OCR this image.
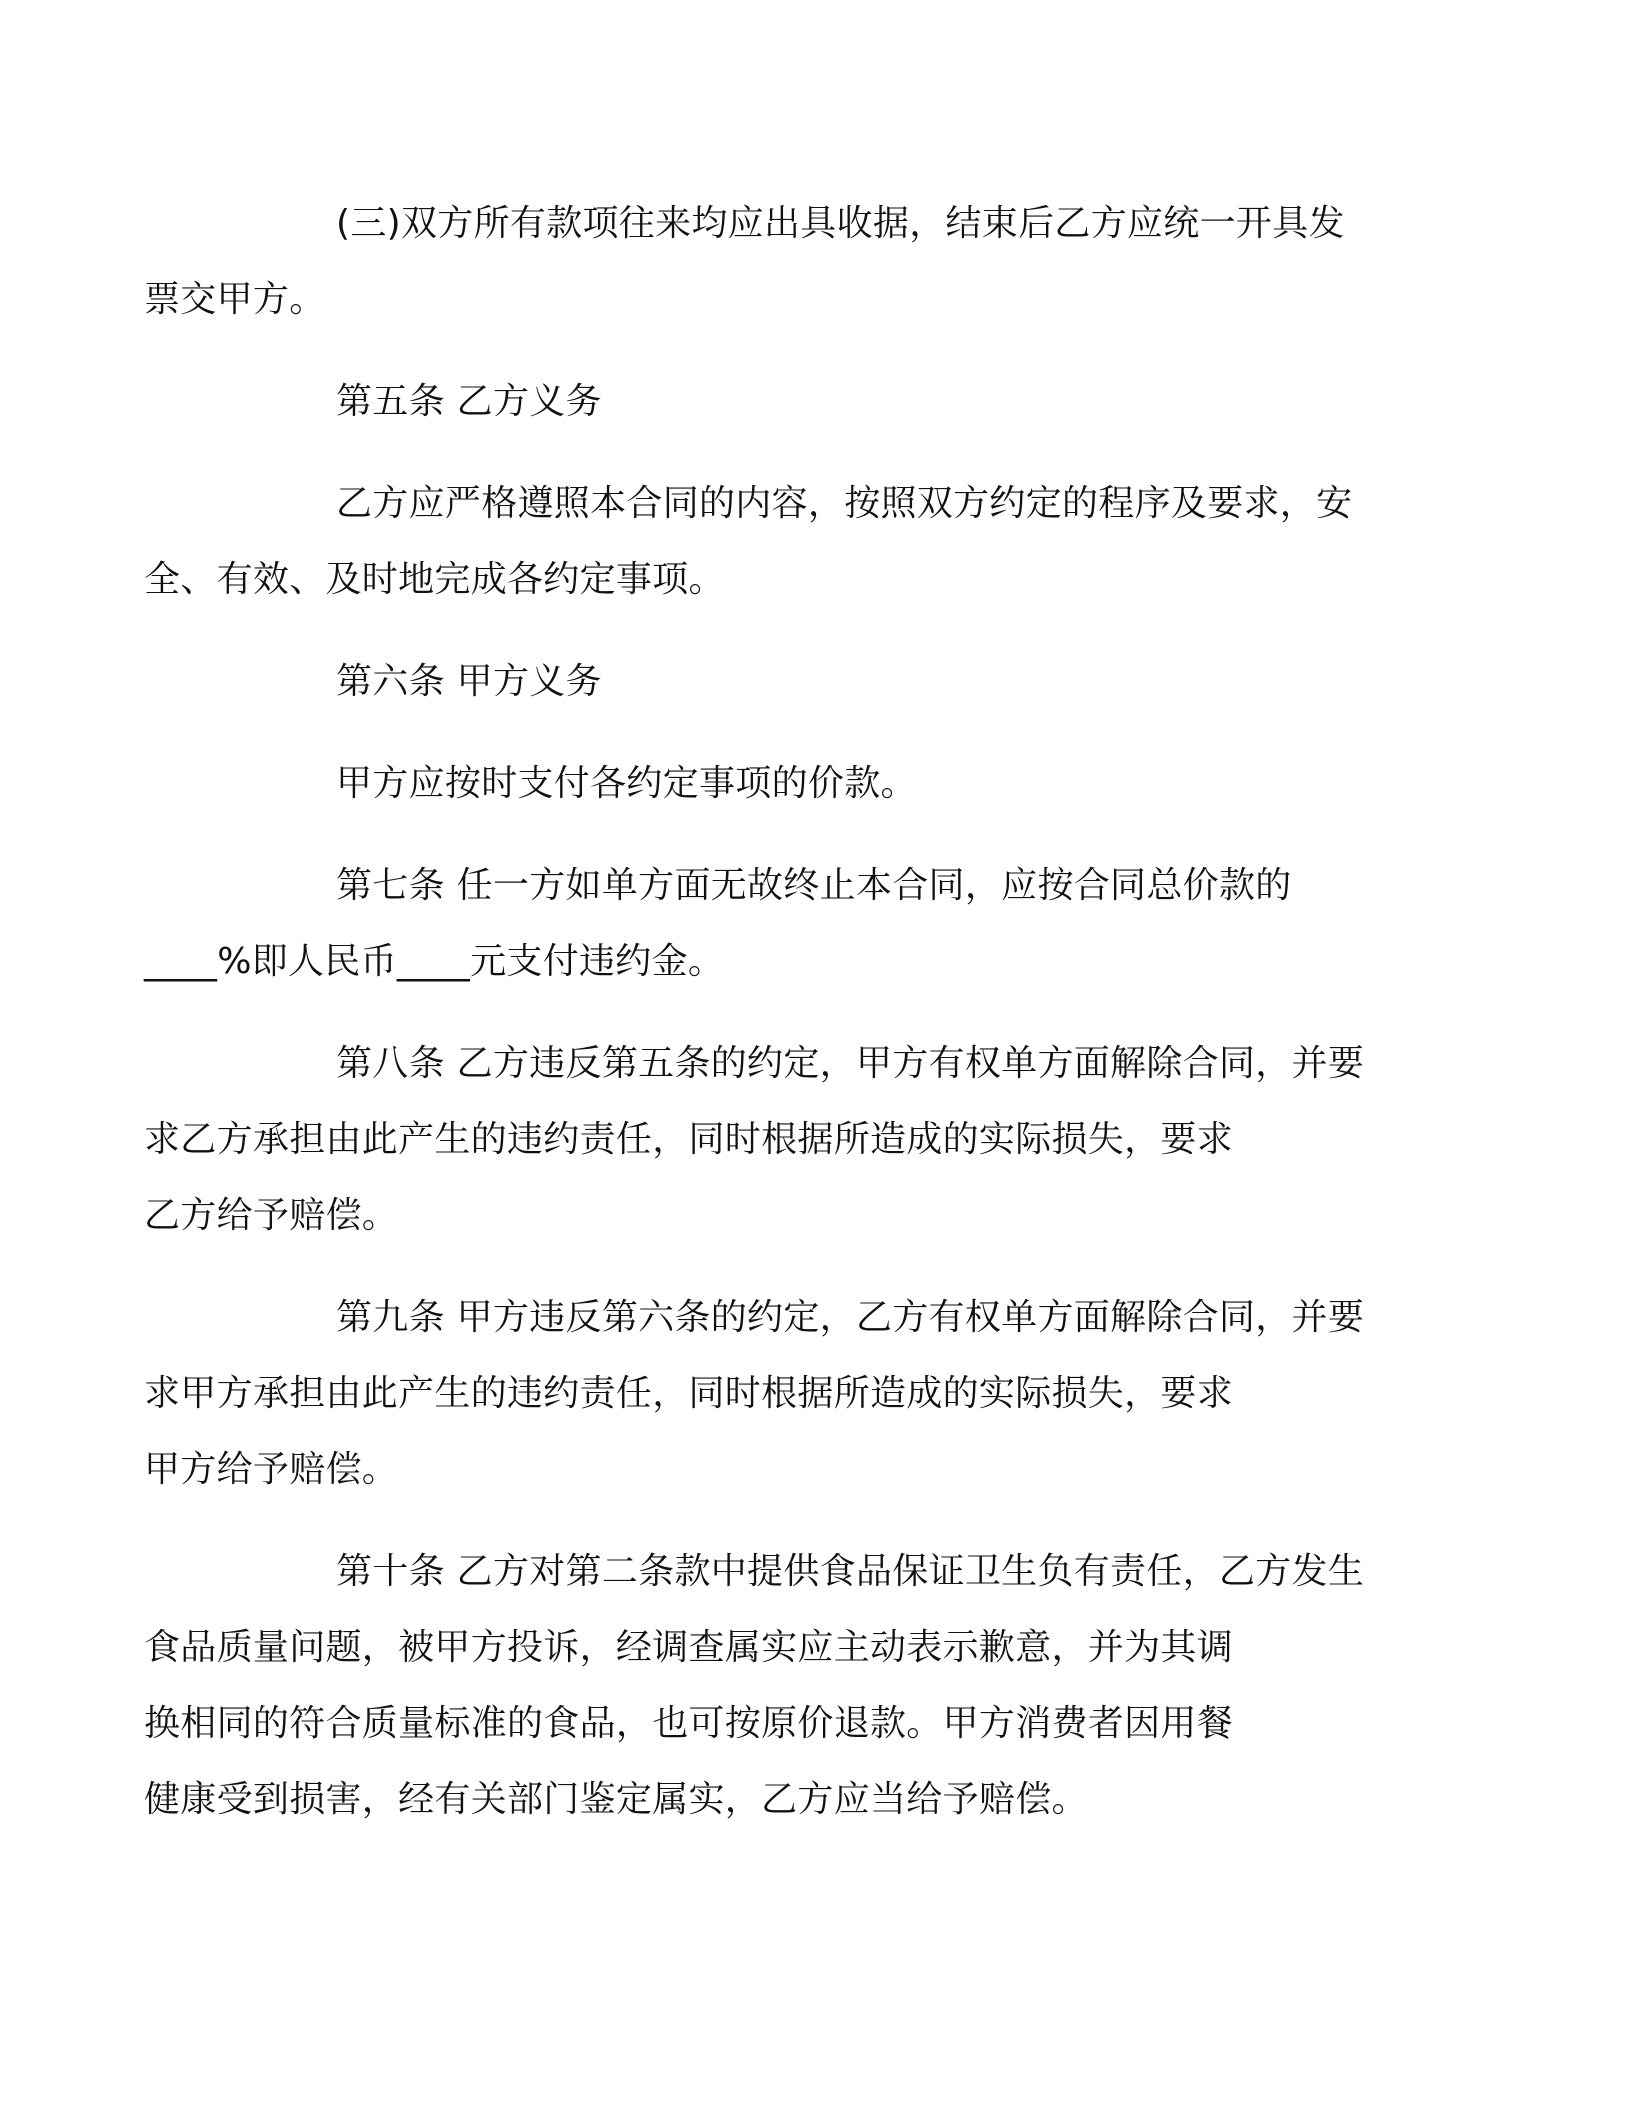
(三)双方所有款项往来均应出具收据，结束后乙方应统一开具发
票交甲方。

第五条 乙方义务

乙方应严格遵照本合同的内容，按照双方约定的程序及要求，安
全、有效、及时地完成各约定事项。

第六条 甲方义务

甲方应按时支付各约定事项的价款。

第七条 任一方如单方面无故终止本合同，应按合同总价款的
____%即人民币____元支付违约金。

第八条 乙方违反第五条的约定，甲方有权单方面解除合同，并要
求乙方承担由此产生的违约责任，同时根据所造成的实际损失，要求
乙方给予赔偿。

第九条 甲方违反第六条的约定，乙方有权单方面解除合同，并要
求甲方承担由此产生的违约责任，同时根据所造成的实际损失，要求
甲方给予赔偿。

第十条 乙方对第二条款中提供食品保证卫生负有责任，乙方发生
食品质量问题，被甲方投诉，经调查属实应主动表示歉意，并为其调
换相同的符合质量标准的食品，也可按原价退款。甲方消费者因用餐
健康受到损害，经有关部门鉴定属实，乙方应当给予赔偿。
